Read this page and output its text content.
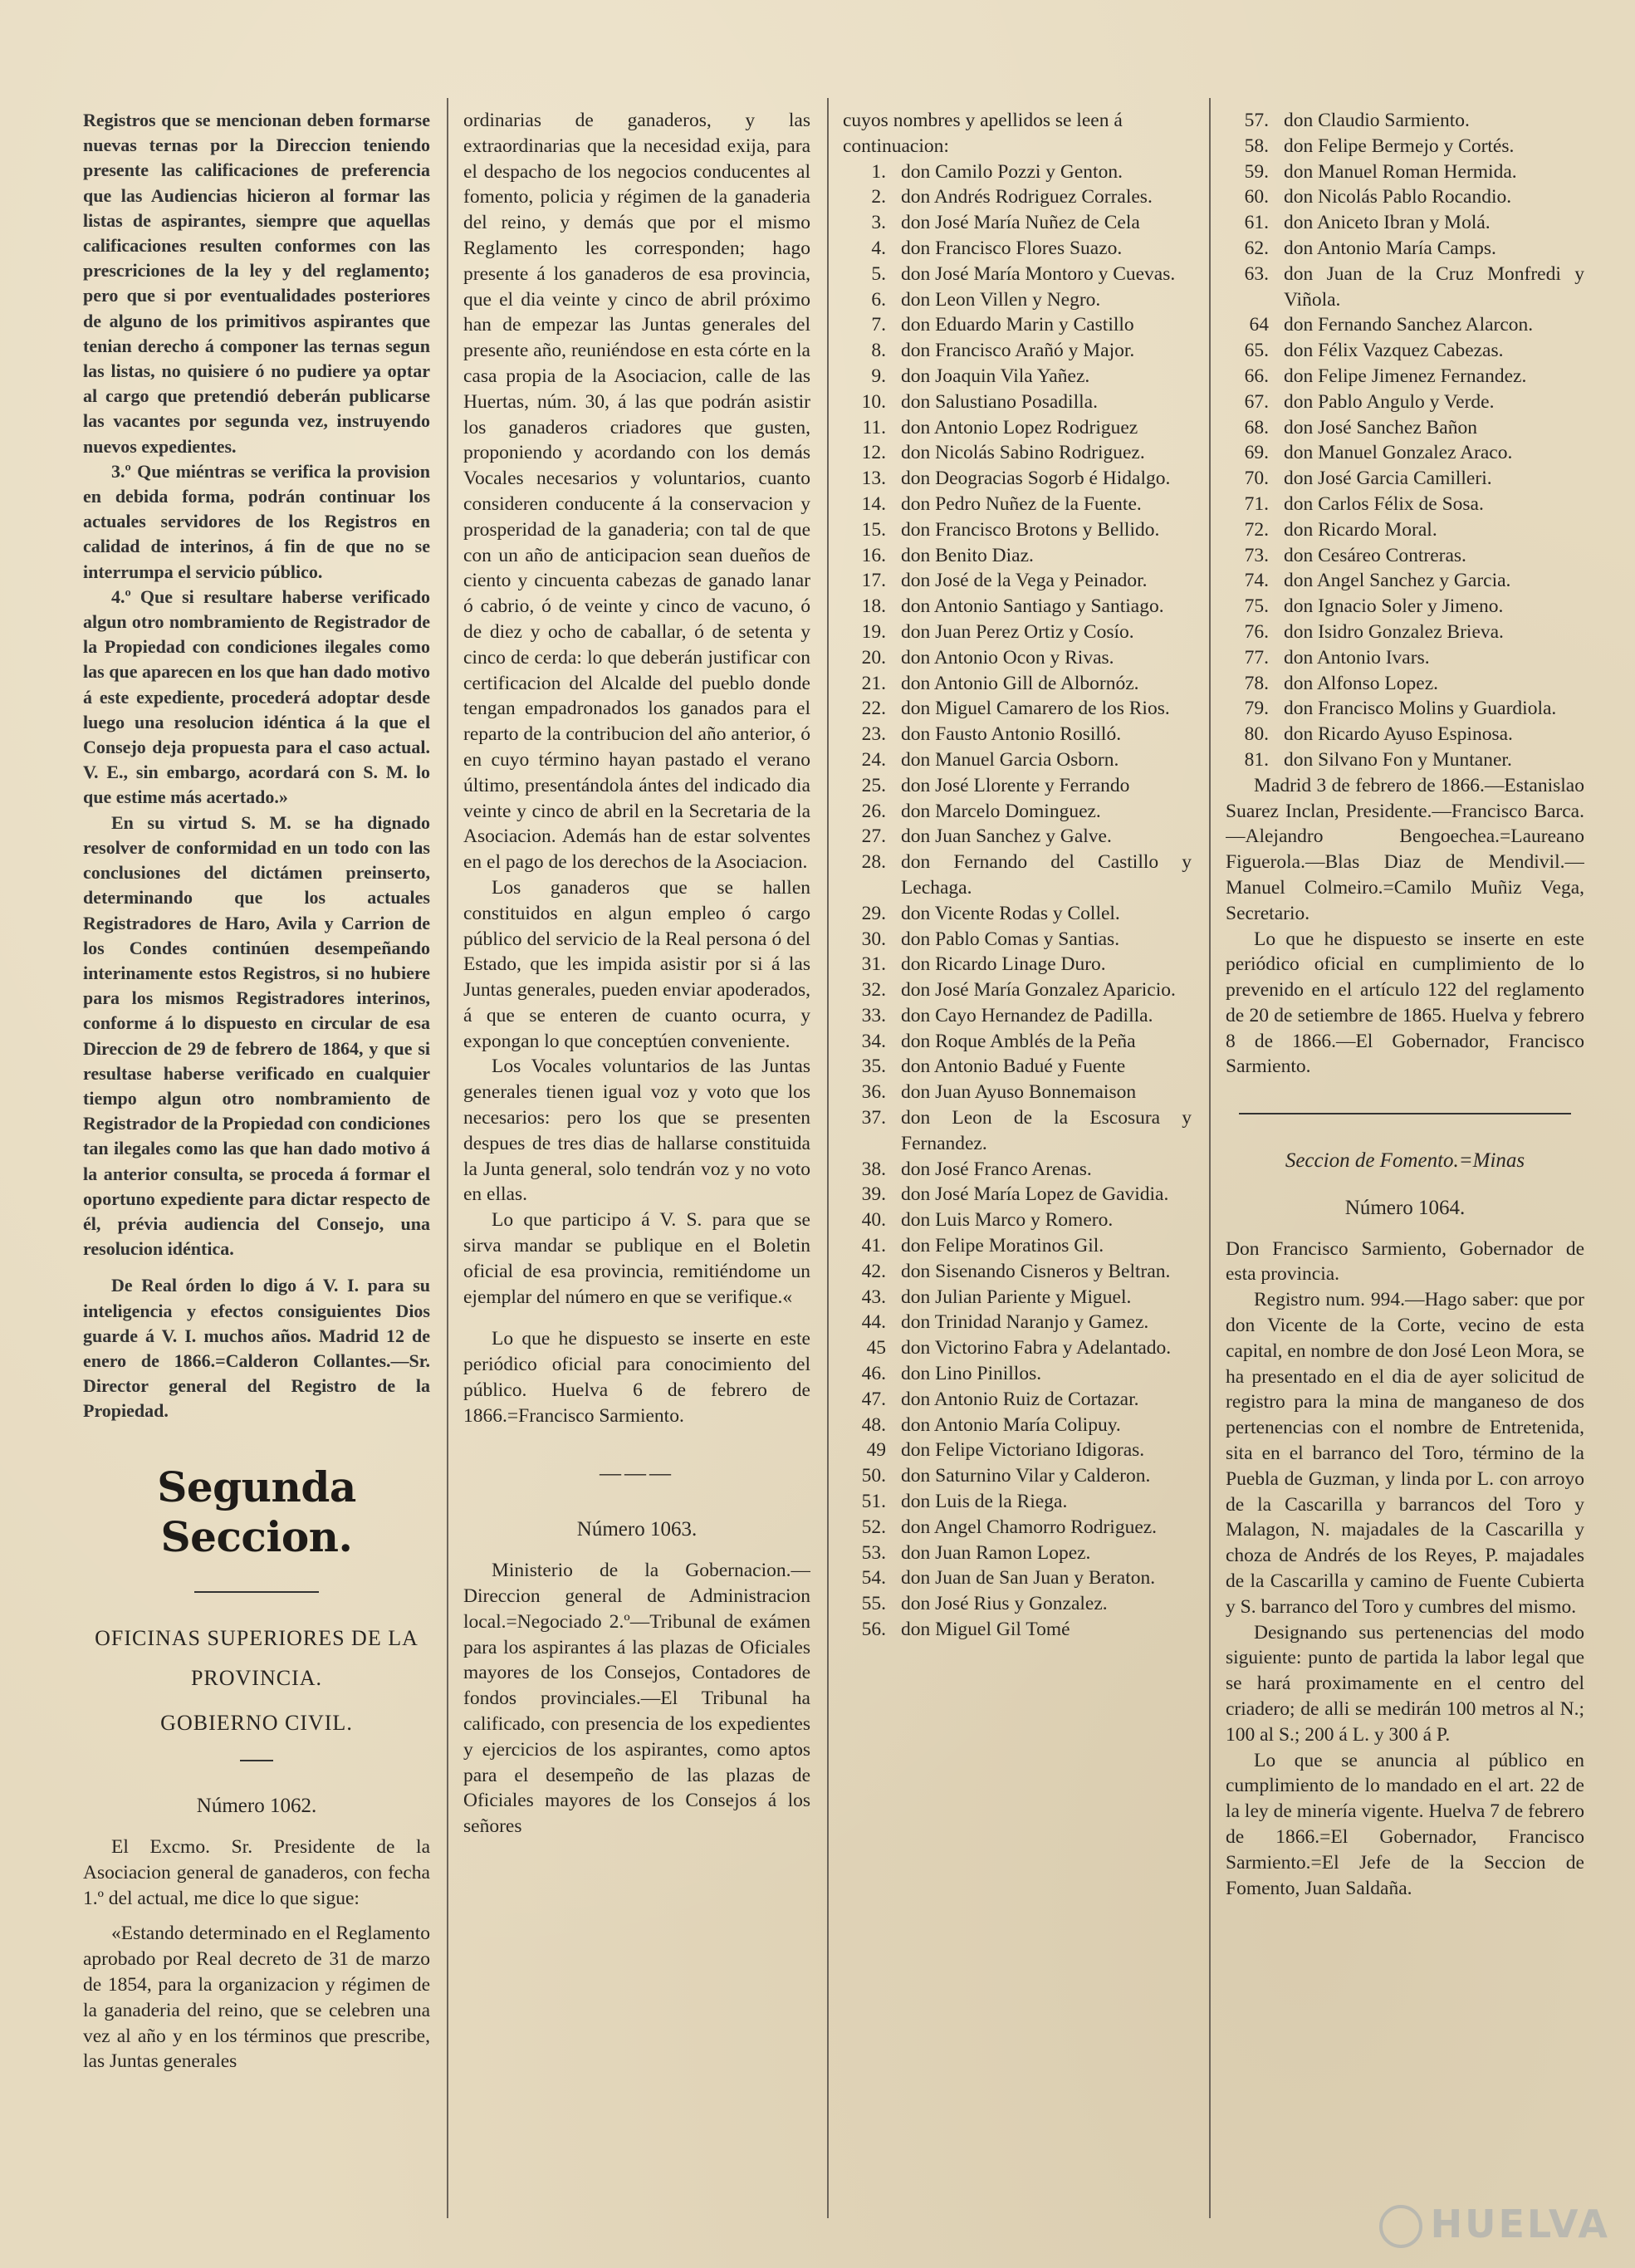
Registros que se mencionan deben formarse nuevas ternas por la Direccion teniendo presente las calificaciones de preferencia que las Audiencias hicieron al formar las listas de aspirantes, siempre que aquellas calificaciones resulten conformes con las prescriciones de la ley y del reglamento; pero que si por eventualidades posteriores de alguno de los primitivos aspirantes que tenian derecho á componer las ternas segun las listas, no quisiere ó no pudiere ya optar al cargo que pretendió deberán publicarse las vacantes por segunda vez, instruyendo nuevos expedientes.

3.º Que miéntras se verifica la provision en debida forma, podrán continuar los actuales servidores de los Registros en calidad de interinos, á fin de que no se interrumpa el servicio público.

4.º Que si resultare haberse verificado algun otro nombramiento de Registrador de la Propiedad con condiciones ilegales como las que aparecen en los que han dado motivo á este expediente, procederá adoptar desde luego una resolucion idéntica á la que el Consejo deja propuesta para el caso actual. V. E., sin embargo, acordará con S. M. lo que estime más acertado.»

En su virtud S. M. se ha dignado resolver de conformidad en un todo con las conclusiones del dictámen preinserto, determinando que los actuales Registradores de Haro, Avila y Carrion de los Condes continúen desempeñando interinamente estos Registros, si no hubiere para los mismos Registradores interinos, conforme á lo dispuesto en circular de esa Direccion de 29 de febrero de 1864, y que si resultase haberse verificado en cualquier tiempo algun otro nombramiento de Registrador de la Propiedad con condiciones tan ilegales como las que han dado motivo á la anterior consulta, se proceda á formar el oportuno expediente para dictar respecto de él, prévia audiencia del Consejo, una resolucion idéntica.

De Real órden lo digo á V. I. para su inteligencia y efectos consiguientes Dios guarde á V. I. muchos años. Madrid 12 de enero de 1866.=Calderon Collantes.—Sr. Director general del Registro de la Propiedad.

Segunda Seccion.
OFICINAS SUPERIORES DE LA
PROVINCIA.
GOBIERNO CIVIL.
Número 1062.

El Excmo. Sr. Presidente de la Asociacion general de ganaderos, con fecha 1.º del actual, me dice lo que sigue:

«Estando determinado en el Reglamento aprobado por Real decreto de 31 de marzo de 1854, para la organizacion y régimen de la ganaderia del reino, que se celebren una vez al año y en los términos que prescribe, las Juntas generales

ordinarias de ganaderos, y las extraordinarias que la necesidad exija, para el despacho de los negocios conducentes al fomento, policia y régimen de la ganaderia del reino, y demás que por el mismo Reglamento les corresponden; hago presente á los ganaderos de esa provincia, que el dia veinte y cinco de abril próximo han de empezar las Juntas generales del presente año, reuniéndose en esta córte en la casa propia de la Asociacion, calle de las Huertas, núm. 30, á las que podrán asistir los ganaderos criadores que gusten, proponiendo y acordando con los demás Vocales necesarios y voluntarios, cuanto consideren conducente á la conservacion y prosperidad de la ganaderia; con tal de que con un año de anticipacion sean dueños de ciento y cincuenta cabezas de ganado lanar ó cabrio, ó de veinte y cinco de vacuno, ó de diez y ocho de caballar, ó de setenta y cinco de cerda: lo que deberán justificar con certificacion del Alcalde del pueblo donde tengan empadronados los ganados para el reparto de la contribucion del año anterior, ó en cuyo término hayan pastado el verano último, presentándola ántes del indicado dia veinte y cinco de abril en la Secretaria de la Asociacion. Además han de estar solventes en el pago de los derechos de la Asociacion.

Los ganaderos que se hallen constituidos en algun empleo ó cargo público del servicio de la Real persona ó del Estado, que les impida asistir por si á las Juntas generales, pueden enviar apoderados, á que se enteren de cuanto ocurra, y expongan lo que conceptúen conveniente.

Los Vocales voluntarios de las Juntas generales tienen igual voz y voto que los necesarios: pero los que se presenten despues de tres dias de hallarse constituida la Junta general, solo tendrán voz y no voto en ellas.

Lo que participo á V. S. para que se sirva mandar se publique en el Boletin oficial de esa provincia, remitiéndome un ejemplar del número en que se verifique.«

Lo que he dispuesto se inserte en este periódico oficial para conocimiento del público. Huelva 6 de febrero de 1866.=Francisco Sarmiento.

———
Número 1063.

Ministerio de la Gobernacion.—Direccion general de Administracion local.=Negociado 2.º—Tribunal de exámen para los aspirantes á las plazas de Oficiales mayores de los Consejos, Contadores de fondos provinciales.—El Tribunal ha calificado, con presencia de los expedientes y ejercicios de los aspirantes, como aptos para el desempeño de las plazas de Oficiales mayores de los Consejos á los señores

cuyos nombres y apellidos se leen á continuacion:

1. don Camilo Pozzi y Genton.
2. don Andrés Rodriguez Corrales.
3. don José María Nuñez de Cela
4. don Francisco Flores Suazo.
5. don José María Montoro y Cuevas.
6. don Leon Villen y Negro.
7. don Eduardo Marin y Castillo
8. don Francisco Arañó y Major.
9. don Joaquin Vila Yañez.
10. don Salustiano Posadilla.
11. don Antonio Lopez Rodriguez
12. don Nicolás Sabino Rodriguez.
13. don Deogracias Sogorb é Hidalgo.
14. don Pedro Nuñez de la Fuente.
15. don Francisco Brotons y Bellido.
16. don Benito Diaz.
17. don José de la Vega y Peinador.
18. don Antonio Santiago y Santiago.
19. don Juan Perez Ortiz y Cosío.
20. don Antonio Ocon y Rivas.
21. don Antonio Gill de Albornóz.
22. don Miguel Camarero de los Rios.
23. don Fausto Antonio Rosilló.
24. don Manuel Garcia Osborn.
25. don José Llorente y Ferrando
26. don Marcelo Dominguez.
27. don Juan Sanchez y Galve.
28. don Fernando del Castillo y Lechaga.
29. don Vicente Rodas y Collel.
30. don Pablo Comas y Santias.
31. don Ricardo Linage Duro.
32. don José María Gonzalez Aparicio.
33. don Cayo Hernandez de Padilla.
34. don Roque Amblés de la Peña
35. don Antonio Badué y Fuente
36. don Juan Ayuso Bonnemaison
37. don Leon de la Escosura y Fernandez.
38. don José Franco Arenas.
39. don José María Lopez de Gavidia.
40. don Luis Marco y Romero.
41. don Felipe Moratinos Gil.
42. don Sisenando Cisneros y Beltran.
43. don Julian Pariente y Miguel.
44. don Trinidad Naranjo y Gamez.
45 don Victorino Fabra y Adelantado.
46. don Lino Pinillos.
47. don Antonio Ruiz de Cortazar.
48. don Antonio María Colipuy.
49 don Felipe Victoriano Idigoras.
50. don Saturnino Vilar y Calderon.
51. don Luis de la Riega.
52. don Angel Chamorro Rodriguez.
53. don Juan Ramon Lopez.
54. don Juan de San Juan y Beraton.
55. don José Rius y Gonzalez.
56. don Miguel Gil Tomé
57. don Claudio Sarmiento.
58. don Felipe Bermejo y Cortés.
59. don Manuel Roman Hermida.
60. don Nicolás Pablo Rocandio.
61. don Aniceto Ibran y Molá.
62. don Antonio María Camps.
63. don Juan de la Cruz Monfredi y Viñola.
64 don Fernando Sanchez Alarcon.
65. don Félix Vazquez Cabezas.
66. don Felipe Jimenez Fernandez.
67. don Pablo Angulo y Verde.
68. don José Sanchez Bañon
69. don Manuel Gonzalez Araco.
70. don José Garcia Camilleri.
71. don Carlos Félix de Sosa.
72. don Ricardo Moral.
73. don Cesáreo Contreras.
74. don Angel Sanchez y Garcia.
75. don Ignacio Soler y Jimeno.
76. don Isidro Gonzalez Brieva.
77. don Antonio Ivars.
78. don Alfonso Lopez.
79. don Francisco Molins y Guardiola.
80. don Ricardo Ayuso Espinosa.
81. don Silvano Fon y Muntaner.

Madrid 3 de febrero de 1866.—Estanislao Suarez Inclan, Presidente.—Francisco Barca.—Alejandro Bengoechea.=Laureano Figuerola.—Blas Diaz de Mendivil.—Manuel Colmeiro.=Camilo Muñiz Vega, Secretario.

Lo que he dispuesto se inserte en este periódico oficial en cumplimiento de lo prevenido en el artículo 122 del reglamento de 20 de setiembre de 1865. Huelva y febrero 8 de 1866.—El Gobernador, Francisco Sarmiento.

Seccion de Fomento.=Minas
Número 1064.

Don Francisco Sarmiento, Gobernador de esta provincia.

Registro num. 994.—Hago saber: que por don Vicente de la Corte, vecino de esta capital, en nombre de don José Leon Mora, se ha presentado en el dia de ayer solicitud de registro para la mina de manganeso de dos pertenencias con el nombre de Entretenida, sita en el barranco del Toro, término de la Puebla de Guzman, y linda por L. con arroyo de la Cascarilla y barrancos del Toro y Malagon, N. majadales de la Cascarilla y choza de Andrés de los Reyes, P. majadales de la Cascarilla y camino de Fuente Cubierta y S. barranco del Toro y cumbres del mismo.

Designando sus pertenencias del modo siguiente: punto de partida la labor legal que se hará proximamente en el centro del criadero; de alli se medirán 100 metros al N.; 100 al S.; 200 á L. y 300 á P.

Lo que se anuncia al público en cumplimiento de lo mandado en el art. 22 de la ley de minería vigente. Huelva 7 de febrero de 1866.=El Gobernador, Francisco Sarmiento.=El Jefe de la Seccion de Fomento, Juan Saldaña.

HUELVA
